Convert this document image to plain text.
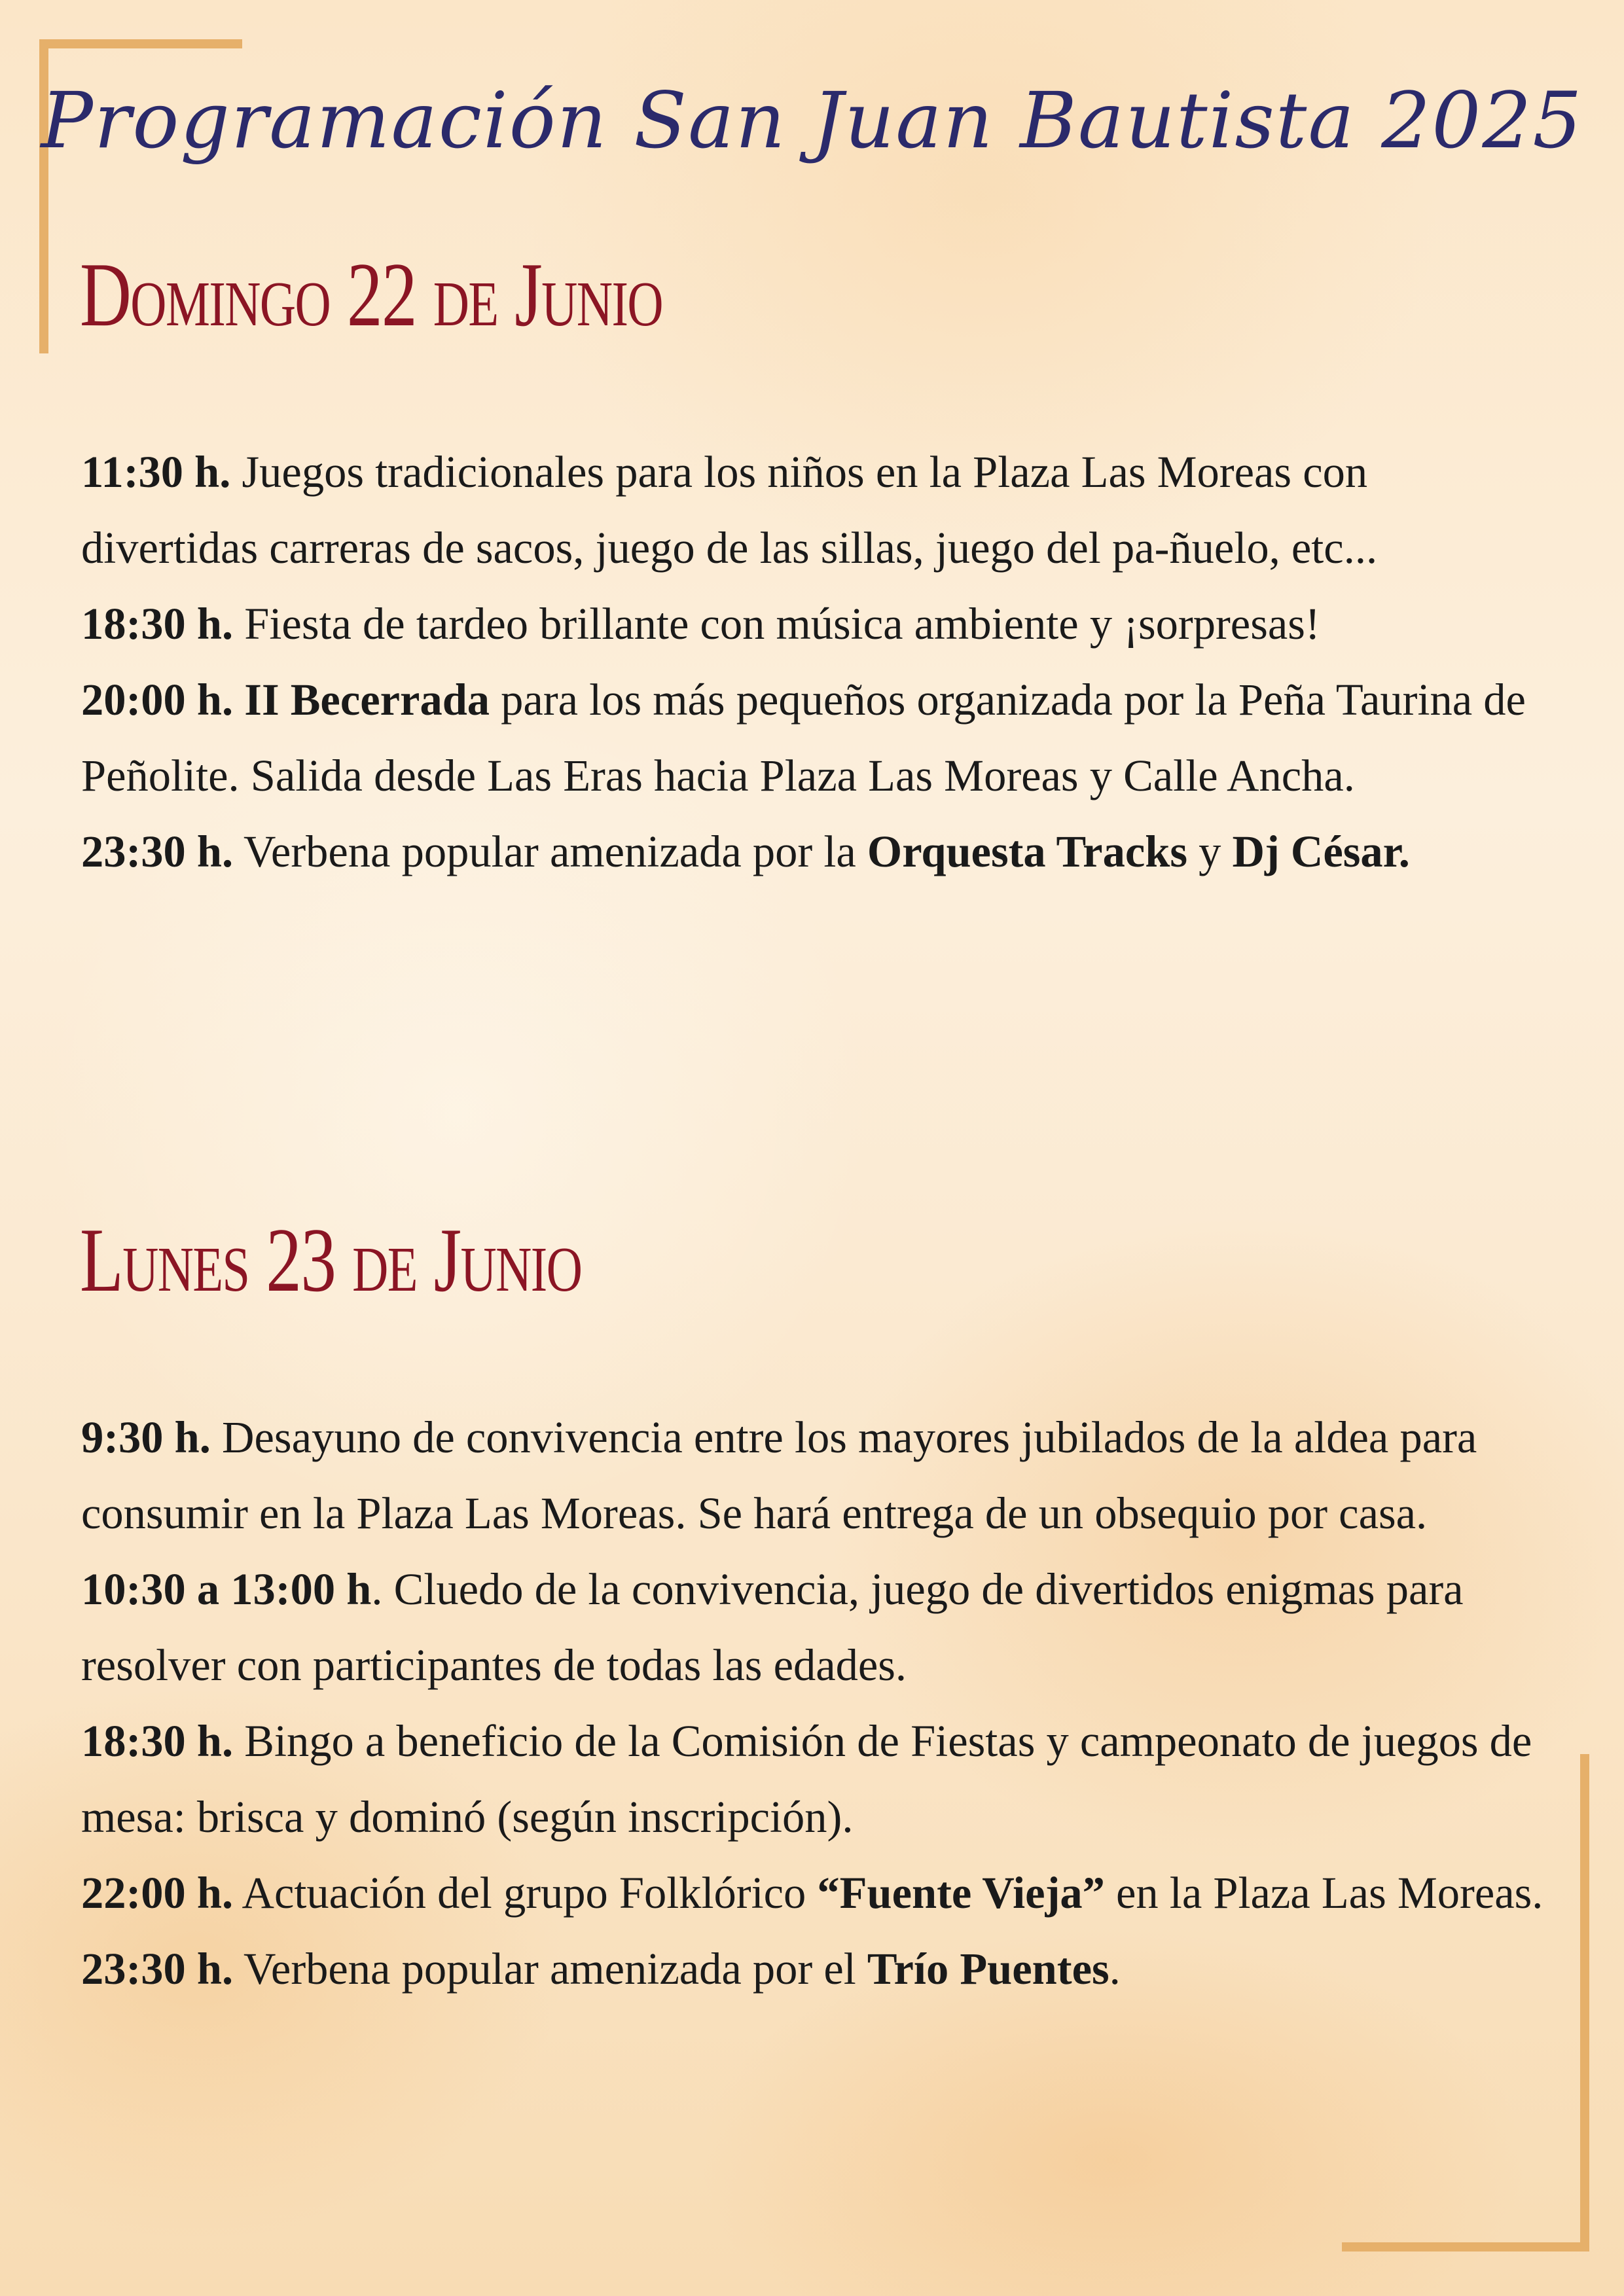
Programación San Juan Bautista 2025
Domingo 22 de Junio
11:30 h. Juegos tradicionales para los niños en la Plaza Las Moreas con divertidas carreras de sacos, juego de las sillas, juego del pa-ñuelo, etc...
18:30 h. Fiesta de tardeo brillante con música ambiente y ¡sorpresas!
20:00 h. II Becerrada para los más pequeños organizada por la Peña Taurina de Peñolite. Salida desde Las Eras hacia Plaza Las Moreas y Calle Ancha.
23:30 h. Verbena popular amenizada por la Orquesta Tracks y Dj César.
Lunes 23 de Junio
9:30 h. Desayuno de convivencia entre los mayores jubilados de la aldea para consumir en la Plaza Las Moreas. Se hará entrega de un obsequio por casa.
10:30 a 13:00 h. Cluedo de la convivencia, juego de divertidos enigmas para resolver con participantes de todas las edades.
18:30 h. Bingo a beneficio de la Comisión de Fiestas y campeonato de juegos de mesa: brisca y dominó (según inscripción).
22:00 h. Actuación del grupo Folklórico “Fuente Vieja” en la Plaza Las Moreas.
23:30 h. Verbena popular amenizada por el Trío Puentes.
